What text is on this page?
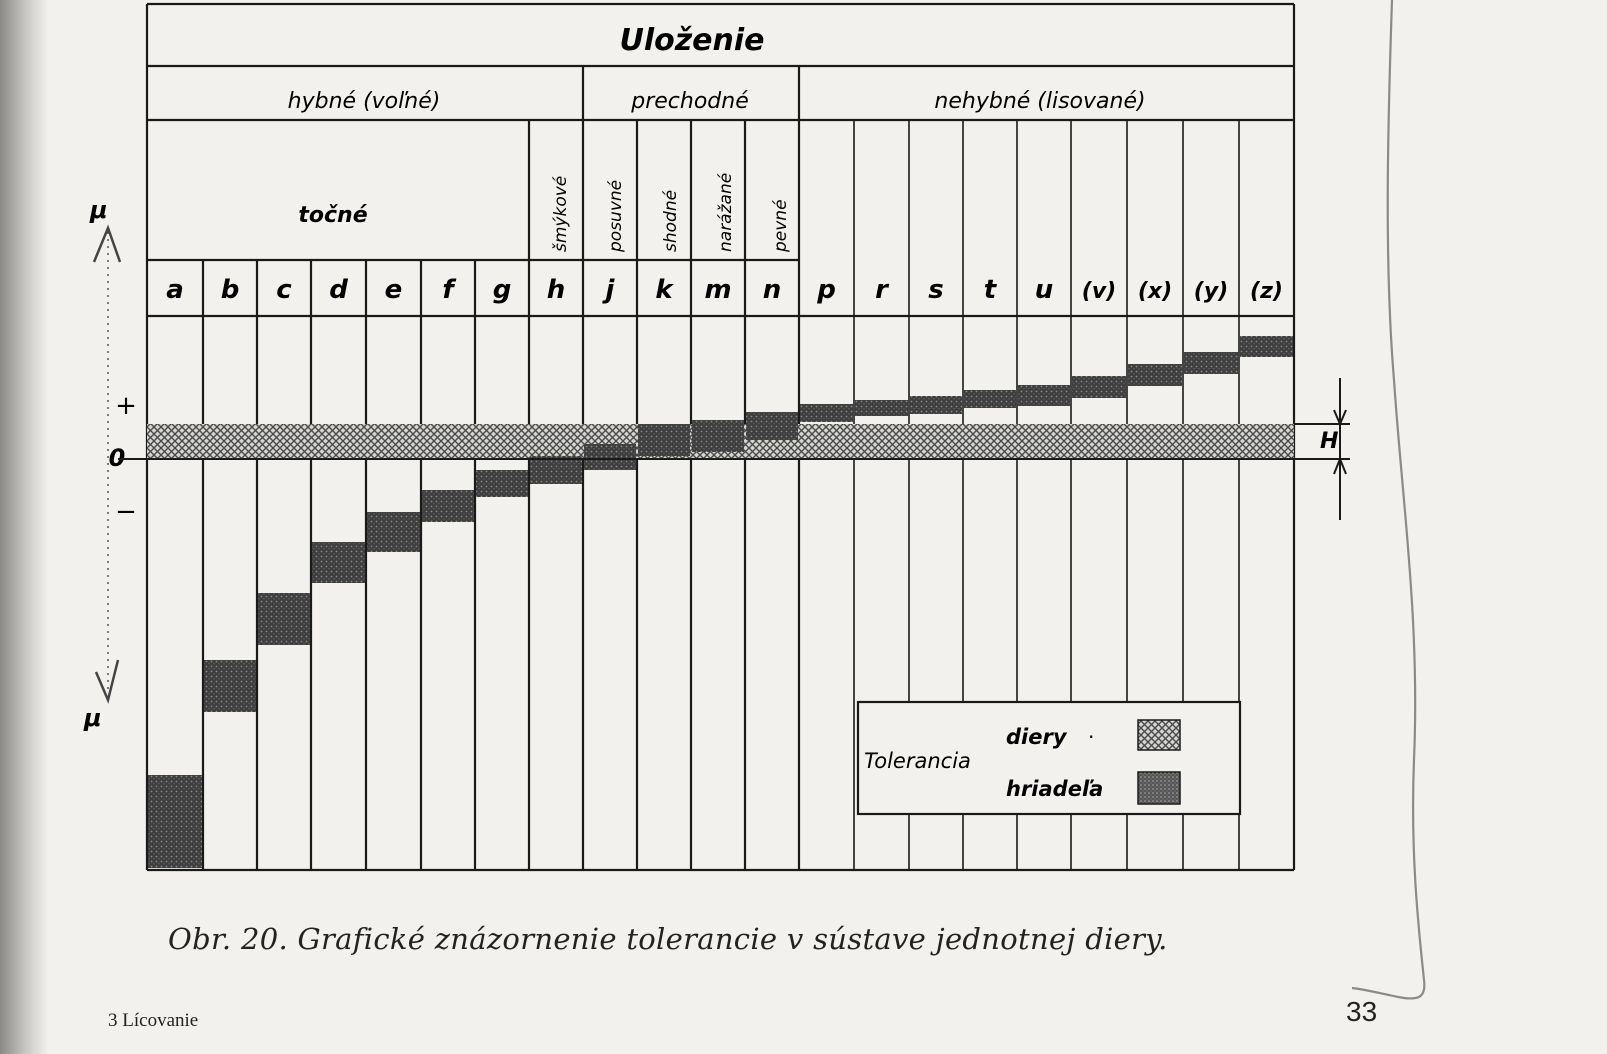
Uloženie
hybné (voľné)	prechodné	nehybné (lisované)
točné	šmýkové posuvné shodné narážané pevné
a b c d e f g h j k m n p r s t u (v) (x) (y) (z)
μ
+
0
−
μ
H
Tolerancia
diery ·
hriadeľa
Obr. 20. Grafické znázornenie tolerancie v sústave jednotnej diery.
3 Lícovanie	33
